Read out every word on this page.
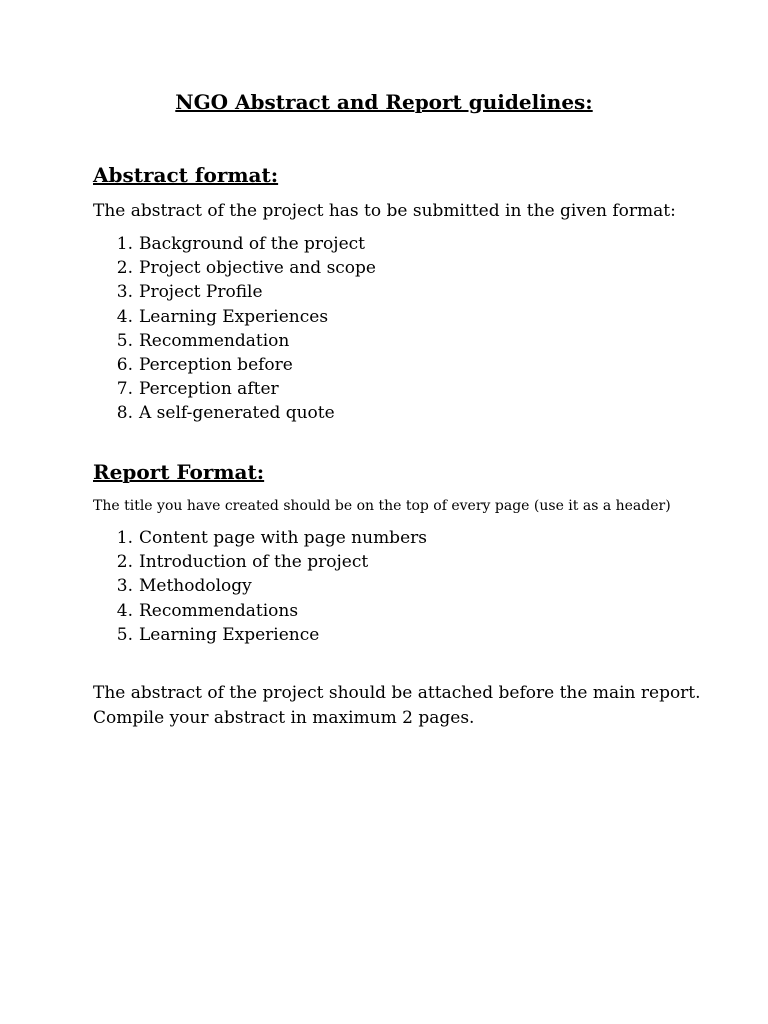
NGO Abstract and Report guidelines:
Abstract format:

The abstract of the project has to be submitted in the given format:

1. Background of the project
2. Project objective and scope
3. Project Profile
4. Learning Experiences
5. Recommendation
6. Perception before
7. Perception after
8. A self-generated quote
Report Format:

The title you have created should be on the top of every page (use it as a header)

1. Content page with page numbers
2. Introduction of the project
3. Methodology
4. Recommendations
5. Learning Experience

The abstract of the project should be attached before the main report.

Compile your abstract in maximum 2 pages.
